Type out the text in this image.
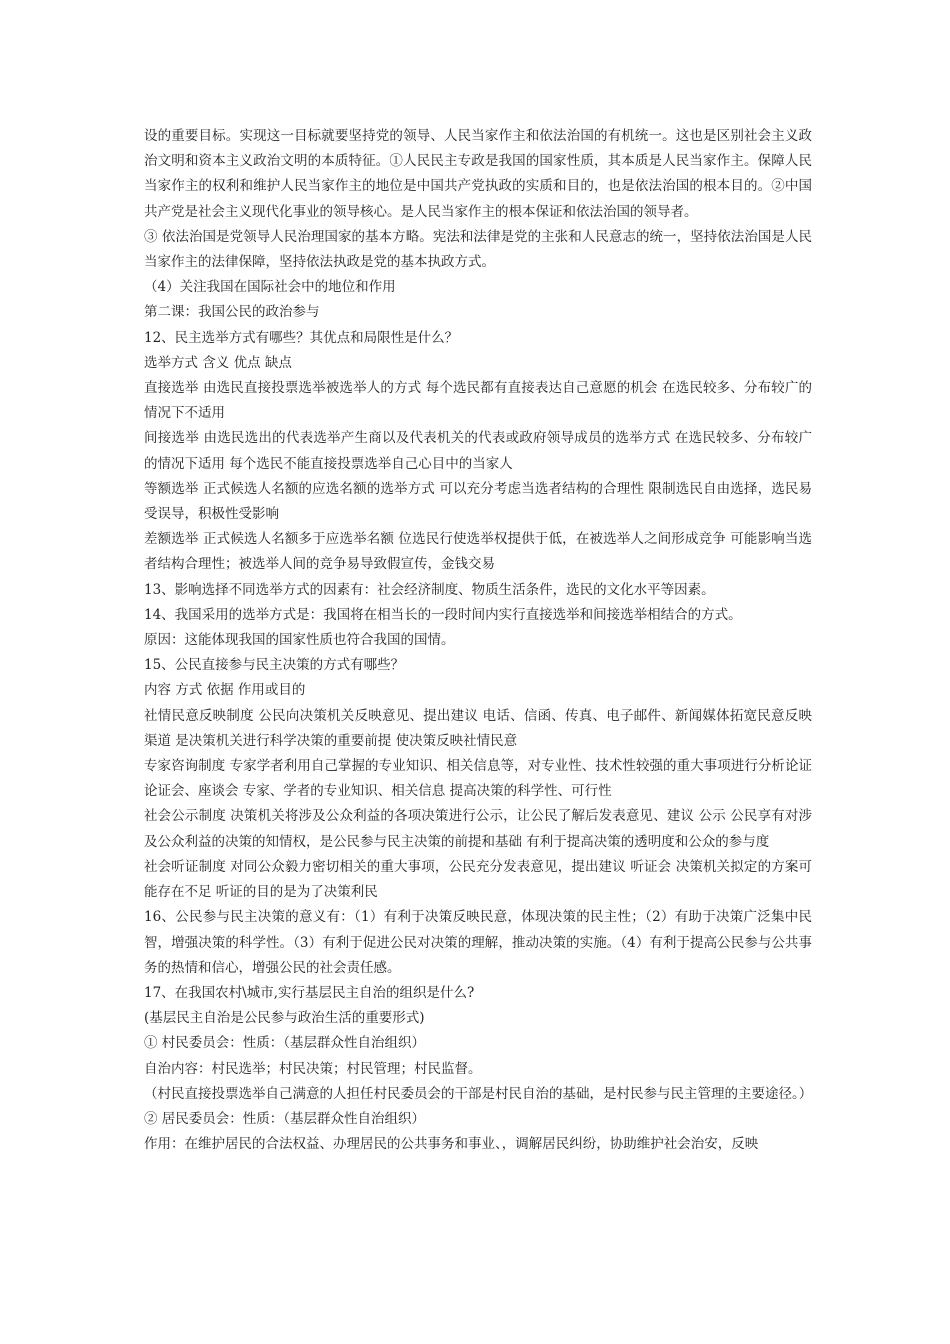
设的重要目标。实现这一目标就要坚持党的领导、人民当家作主和依法治国的有机统一。这也是区别社会主义政治文明和资本主义政治文明的本质特征。①人民民主专政是我国的国家性质，其本质是人民当家作主。保障人民当家作主的权利和维护人民当家作主的地位是中国共产党执政的实质和目的，也是依法治国的根本目的。②中国共产党是社会主义现代化事业的领导核心。是人民当家作主的根本保证和依法治国的领导者。

③ 依法治国是党领导人民治理国家的基本方略。宪法和法律是党的主张和人民意志的统一，坚持依法治国是人民当家作主的法律保障，坚持依法执政是党的基本执政方式。

（4）关注我国在国际社会中的地位和作用

第二课：我国公民的政治参与

12、民主选举方式有哪些？其优点和局限性是什么？

选举方式 含义 优点 缺点

直接选举 由选民直接投票选举被选举人的方式 每个选民都有直接表达自己意愿的机会 在选民较多、分布较广的情况下不适用

间接选举 由选民选出的代表选举产生商以及代表机关的代表或政府领导成员的选举方式 在选民较多、分布较广的情况下适用 每个选民不能直接投票选举自己心目中的当家人

等额选举 正式候选人名额的应选名额的选举方式 可以充分考虑当选者结构的合理性 限制选民自由选择，选民易受误导，积极性受影响

差额选举 正式候选人名额多于应选举名额 位选民行使选举权提供于低，在被选举人之间形成竞争 可能影响当选者结构合理性；被选举人间的竞争易导致假宣传，金钱交易

13、影响选择不同选举方式的因素有：社会经济制度、物质生活条件，选民的文化水平等因素。

14、我国采用的选举方式是：我国将在相当长的一段时间内实行直接选举和间接选举相结合的方式。

原因：这能体现我国的国家性质也符合我国的国情。

15、公民直接参与民主决策的方式有哪些？

内容 方式 依据 作用或目的

社情民意反映制度 公民向决策机关反映意见、提出建议 电话、信函、传真、电子邮件、新闻媒体拓宽民意反映渠道 是决策机关进行科学决策的重要前提 使决策反映社情民意

专家咨询制度 专家学者利用自己掌握的专业知识、相关信息等，对专业性、技术性较强的重大事项进行分析论证 论证会、座谈会 专家、学者的专业知识、相关信息 提高决策的科学性、可行性

社会公示制度 决策机关将涉及公众利益的各项决策进行公示，让公民了解后发表意见、建议 公示 公民享有对涉及公众利益的决策的知情权，是公民参与民主决策的前提和基础 有利于提高决策的透明度和公众的参与度

社会听证制度 对同公众毅力密切相关的重大事项，公民充分发表意见，提出建议 听证会 决策机关拟定的方案可能存在不足 听证的目的是为了决策利民

16、公民参与民主决策的意义有：（1）有利于决策反映民意，体现决策的民主性；（2）有助于决策广泛集中民智，增强决策的科学性。（3）有利于促进公民对决策的理解，推动决策的实施。（4）有利于提高公民参与公共事务的热情和信心，增强公民的社会责任感。

17、在我国农村\城市,实行基层民主自治的组织是什么?

(基层民主自治是公民参与政治生活的重要形式)

① 村民委员会：性质：（基层群众性自治组织）

自治内容：村民选举；村民决策；村民管理；村民监督。

（村民直接投票选举自己满意的人担任村民委员会的干部是村民自治的基础，是村民参与民主管理的主要途径。）

② 居民委员会：性质：（基层群众性自治组织）

作用：在维护居民的合法权益、办理居民的公共事务和事业、，调解居民纠纷，协助维护社会治安，反映
